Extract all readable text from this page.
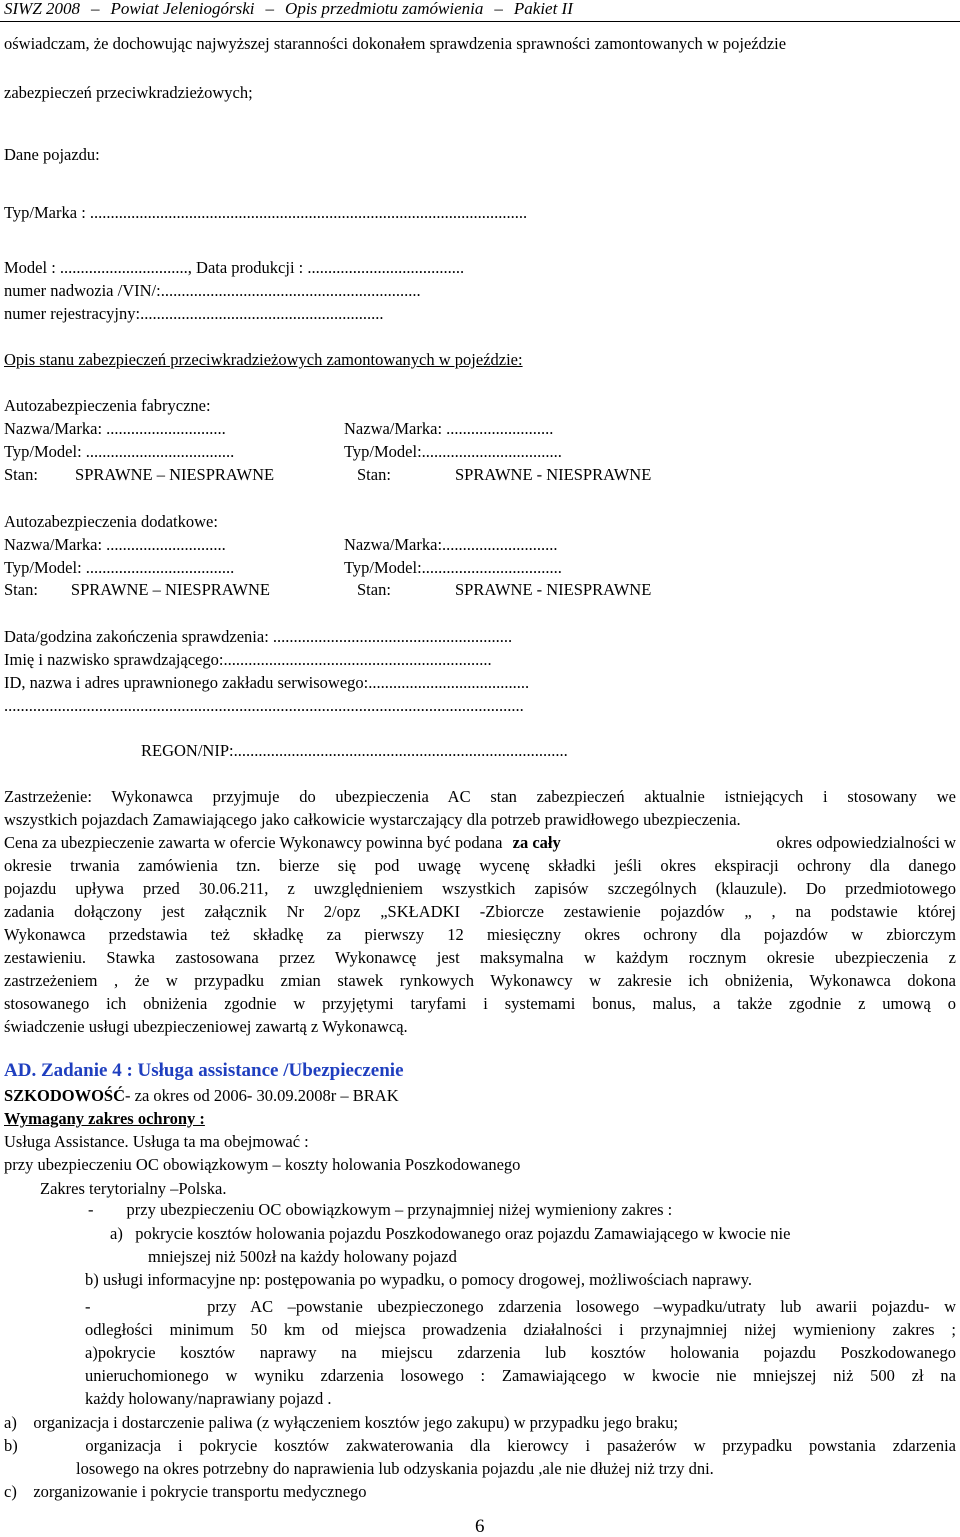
SIWZ 2008 – Powiat Jeleniogórski – Opis przedmiotu zamówienia – Pakiet II
oświadczam, że dochowując najwyższej staranności dokonałem sprawdzenia sprawności zamontowanych w pojeździe
zabezpieczeń przeciwkradzieżowych;
Dane pojazdu:
Typ/Marka : ..........................................................................................................
Model : ..............................., Data produkcji : ......................................
numer nadwozia /VIN/:...............................................................
numer rejestracyjny:...........................................................
Opis stanu zabezpieczeń przeciwkradzieżowych zamontowanych w pojeździe:
Autozabezpieczenia fabryczne:
Nazwa/Marka: .............................	Nazwa/Marka: ..........................
Typ/Model: ....................................	Typ/Model:..................................
Stan:         SPRAWNE – NIESPRAWNE	Stan:	SPRAWNE - NIESPRAWNE
Autozabezpieczenia dodatkowe:
Nazwa/Marka: .............................	Nazwa/Marka:............................
Typ/Model: ....................................	Typ/Model:..................................
Stan:        SPRAWNE – NIESPRAWNE	Stan:	SPRAWNE - NIESPRAWNE
Data/godzina zakończenia sprawdzenia: ..........................................................
Imię i nazwisko sprawdzającego:.................................................................
ID, nazwa i adres uprawnionego zakładu serwisowego:.......................................
..............................................................................................................................
REGON/NIP:.................................................................................
Zastrzeżenie: Wykonawca przyjmuje do ubezpieczenia AC stan zabezpieczeń aktualnie istniejących i stosowany we
wszystkich pojazdach Zamawiającego jako całkowicie wystarczający dla potrzeb prawidłowego ubezpieczenia.
Cena za ubezpieczenie zawarta w ofercie Wykonawcy powinna być podana za cały	okres odpowiedzialności w
okresie trwania zamówienia tzn. bierze się pod uwagę wycenę składki jeśli okres ekspiracji ochrony dla danego
pojazdu upływa przed 30.06.211, z uwzględnieniem wszystkich zapisów szczególnych (klauzule). Do przedmiotowego
zadania dołączony jest załącznik Nr 2/opz „SKŁADKI -Zbiorcze zestawienie pojazdów „ , na podstawie której
Wykonawca przedstawia też składkę za pierwszy 12 miesięczny okres ochrony dla pojazdów w zbiorczym
zestawieniu. Stawka zastosowana przez Wykonawcę jest maksymalna w każdym rocznym okresie ubezpieczenia z
zastrzeżeniem , że w przypadku zmian stawek rynkowych Wykonawcy w zakresie ich obniżenia, Wykonawca dokona
stosowanego ich obniżenia zgodnie w przyjętymi taryfami i systemami bonus, malus, a także zgodnie z umową o
świadczenie usługi ubezpieczeniowej zawartą z Wykonawcą.
AD. Zadanie 4 : Usługa assistance /Ubezpieczenie
SZKODOWOŚĆ- za okres od 2006- 30.09.2008r – BRAK
Wymagany zakres ochrony :
Usługa Assistance. Usługa ta ma obejmować :
przy ubezpieczeniu OC obowiązkowym – koszty holowania Poszkodowanego
Zakres terytorialny –Polska.
-        przy ubezpieczeniu OC obowiązkowym – przynajmniej niżej wymieniony zakres :
a)   pokrycie kosztów holowania pojazdu Poszkodowanego oraz pojazdu Zamawiającego w kwocie nie
mniejszej niż 500zł na każdy holowany pojazd
b) usługi informacyjne np: postępowania po wypadku, o pomocy drogowej, możliwościach naprawy.
-        przy AC –powstanie ubezpieczonego zdarzenia losowego –wypadku/utraty lub awarii pojazdu- w
odległości minimum 50 km od miejsca prowadzenia działalności i przynajmniej niżej wymieniony zakres ;
a)pokrycie kosztów naprawy na miejscu zdarzenia lub kosztów holowania pojazdu Poszkodowanego
unieruchomionego w wyniku zdarzenia losowego : Zamawiającego w kwocie nie mniejszej niż 500 zł na
każdy holowany/naprawiany pojazd .
a)    organizacja i dostarczenie paliwa (z wyłączeniem kosztów jego zakupu) w przypadku jego braku;
b)    organizacja i pokrycie kosztów zakwaterowania dla kierowcy i pasażerów w przypadku powstania zdarzenia
losowego na okres potrzebny do naprawienia lub odzyskania pojazdu ,ale nie dłużej niż trzy dni.
c)    zorganizowanie i pokrycie transportu medycznego
6
